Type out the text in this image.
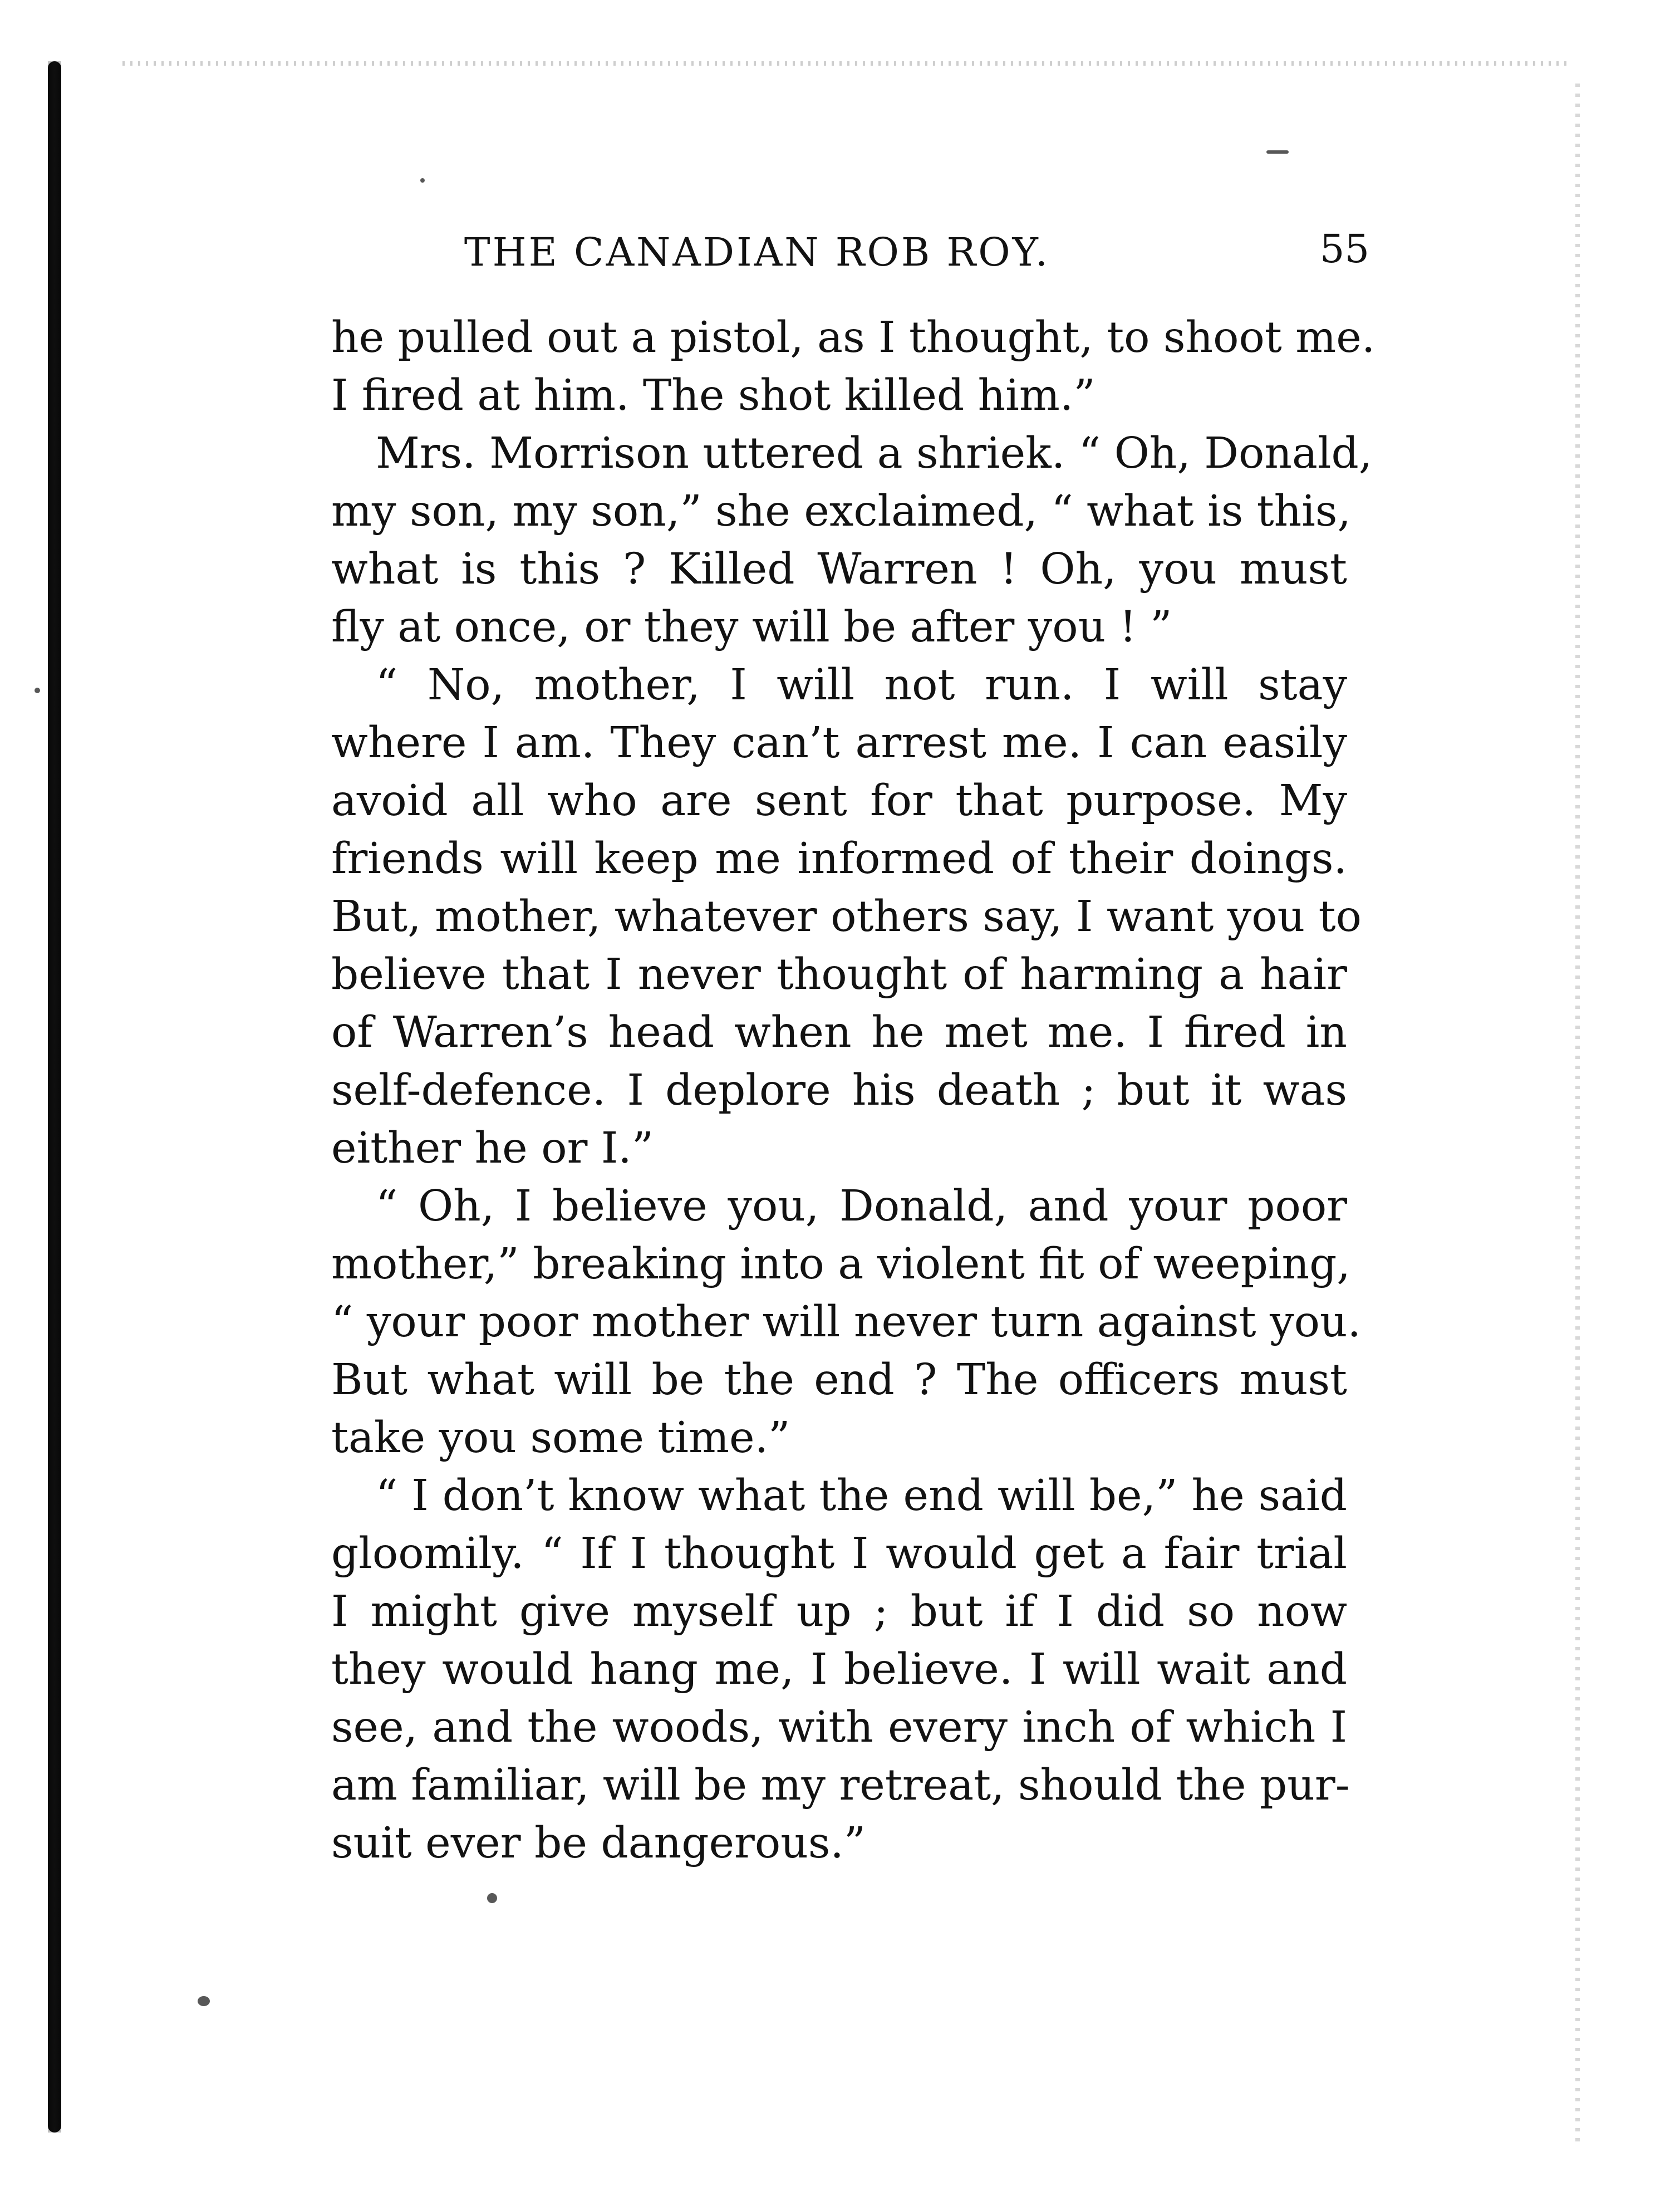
THE CANADIAN ROB ROY.	55
he pulled out a pistol, as I thought, to shoot me.
I fired at him. The shot killed him.”
Mrs. Morrison uttered a shriek. “ Oh, Donald,
my son, my son,” she exclaimed, “ what is this,
what is this ? Killed Warren ! Oh, you must
fly at once, or they will be after you ! ”
“ No, mother, I will not run. I will stay
where I am. They can’t arrest me. I can easily
avoid all who are sent for that purpose. My
friends will keep me informed of their doings.
But, mother, whatever others say, I want you to
believe that I never thought of harming a hair
of Warren’s head when he met me. I fired in
self-defence. I deplore his death ; but it was
either he or I.”
“ Oh, I believe you, Donald, and your poor
mother,” breaking into a violent fit of weeping,
“ your poor mother will never turn against you.
But what will be the end ? The officers must
take you some time.”
“ I don’t know what the end will be,” he said
gloomily. “ If I thought I would get a fair trial
I might give myself up ; but if I did so now
they would hang me, I believe. I will wait and
see, and the woods, with every inch of which I
am familiar, will be my retreat, should the pur-
suit ever be dangerous.”
